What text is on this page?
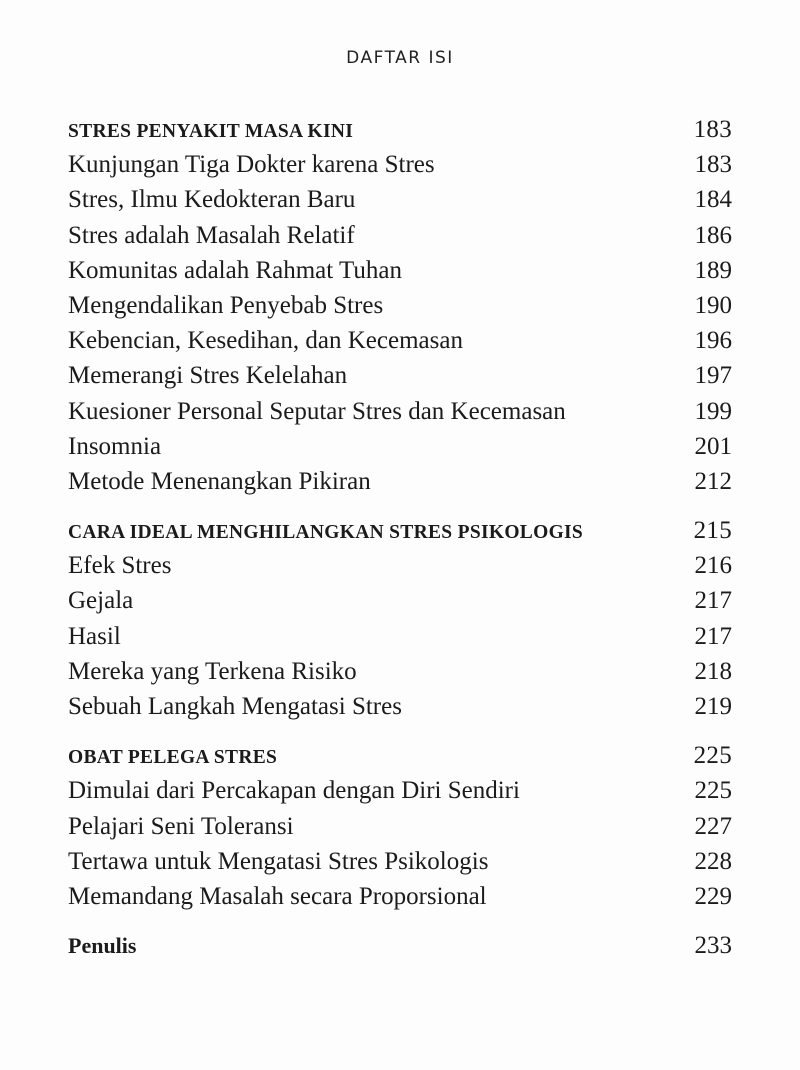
DAFTAR ISI
STRES PENYAKIT MASA KINI	183
Kunjungan Tiga Dokter karena Stres	183
Stres, Ilmu Kedokteran Baru	184
Stres adalah Masalah Relatif	186
Komunitas adalah Rahmat Tuhan	189
Mengendalikan Penyebab Stres	190
Kebencian, Kesedihan, dan Kecemasan	196
Memerangi Stres Kelelahan	197
Kuesioner Personal Seputar Stres dan Kecemasan	199
Insomnia	201
Metode Menenangkan Pikiran	212
CARA IDEAL MENGHILANGKAN STRES PSIKOLOGIS	215
Efek Stres	216
Gejala	217
Hasil	217
Mereka yang Terkena Risiko	218
Sebuah Langkah Mengatasi Stres	219
OBAT PELEGA STRES	225
Dimulai dari Percakapan dengan Diri Sendiri	225
Pelajari Seni Toleransi	227
Tertawa untuk Mengatasi Stres Psikologis	228
Memandang Masalah secara Proporsional	229
Penulis	233
